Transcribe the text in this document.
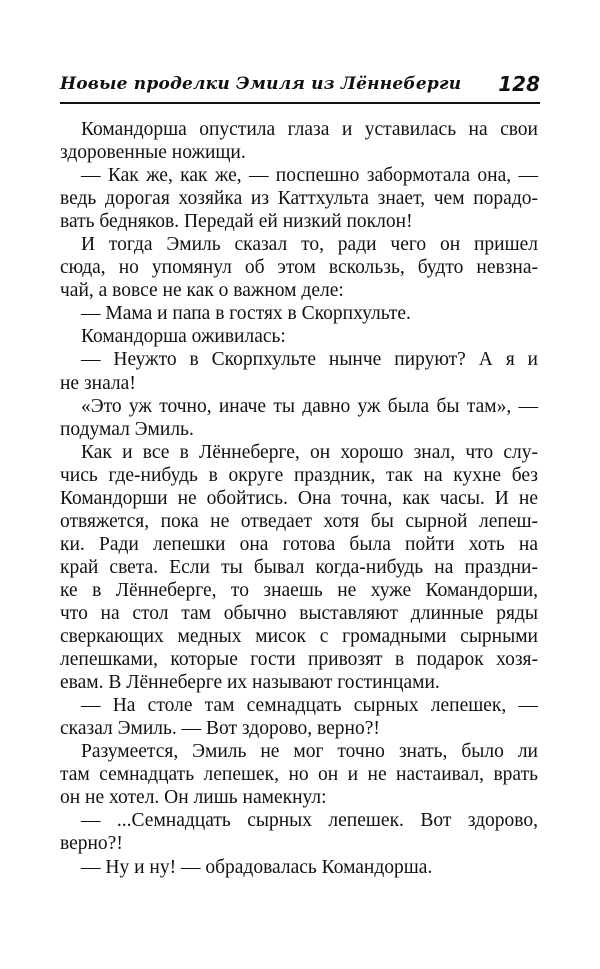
Новые проделки Эмиля из Лённеберги 128
Командорша опустила глаза и уставилась на свои
здоровенные ножищи.
— Как же, как же, — поспешно забормотала она, —
ведь дорогая хозяйка из Каттхульта знает, чем порадо-
вать бедняков. Передай ей низкий поклон!
И тогда Эмиль сказал то, ради чего он пришел
сюда, но упомянул об этом вскользь, будто невзна-
чай, а вовсе не как о важном деле:
— Мама и папа в гостях в Скорпхульте.
Командорша оживилась:
— Неужто в Скорпхульте нынче пируют? А я и
не знала!
«Это уж точно, иначе ты давно уж была бы там», —
подумал Эмиль.
Как и все в Лённеберге, он хорошо знал, что слу-
чись где-нибудь в округе праздник, так на кухне без
Командорши не обойтись. Она точна, как часы. И не
отвяжется, пока не отведает хотя бы сырной лепеш-
ки. Ради лепешки она готова была пойти хоть на
край света. Если ты бывал когда-нибудь на праздни-
ке в Лённеберге, то знаешь не хуже Командорши,
что на стол там обычно выставляют длинные ряды
сверкающих медных мисок с громадными сырными
лепешками, которые гости привозят в подарок хозя-
евам. В Лённеберге их называют гостинцами.
— На столе там семнадцать сырных лепешек, —
сказал Эмиль. — Вот здорово, верно?!
Разумеется, Эмиль не мог точно знать, было ли
там семнадцать лепешек, но он и не настаивал, врать
он не хотел. Он лишь намекнул:
— ...Семнадцать сырных лепешек. Вот здорово,
верно?!
— Ну и ну! — обрадовалась Командорша.
